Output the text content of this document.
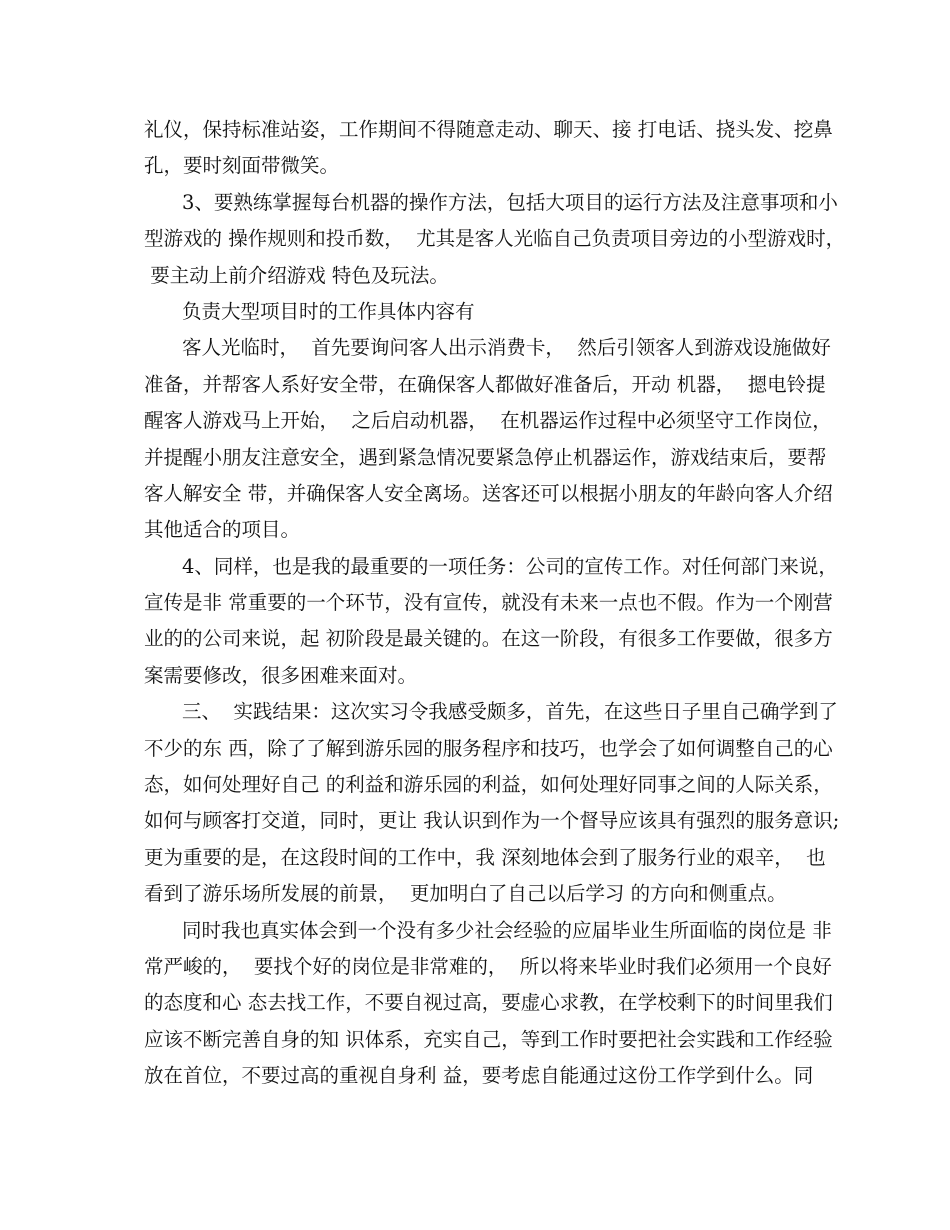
礼仪，保持标准站姿，工作期间不得随意走动、聊天、接 打电话、挠头发、挖鼻
孔，要时刻面带微笑。
3、要熟练掌握每台机器的操作方法，包括大项目的运行方法及注意事项和小
型游戏的 操作规则和投币数，  尤其是客人光临自己负责项目旁边的小型游戏时，
要主动上前介绍游戏 特色及玩法。
负责大型项目时的工作具体内容有
客人光临时，  首先要询问客人出示消费卡，  然后引领客人到游戏设施做好
准备，并帮客人系好安全带，在确保客人都做好准备后，开动 机器，  摁电铃提
醒客人游戏马上开始，  之后启动机器，  在机器运作过程中必须坚守工作岗位，
并提醒小朋友注意安全，遇到紧急情况要紧急停止机器运作，游戏结束后，要帮
客人解安全 带，并确保客人安全离场。送客还可以根据小朋友的年龄向客人介绍
其他适合的项目。
4、同样，也是我的最重要的一项任务：公司的宣传工作。对任何部门来说，
宣传是非 常重要的一个环节，没有宣传，就没有未来一点也不假。作为一个刚营
业的的公司来说，起 初阶段是最关键的。在这一阶段，有很多工作要做，很多方
案需要修改，很多困难来面对。
三、  实践结果：这次实习令我感受颇多，首先，在这些日子里自己确学到了
不少的东 西，除了了解到游乐园的服务程序和技巧，也学会了如何调整自己的心
态，如何处理好自己 的利益和游乐园的利益，如何处理好同事之间的人际关系，
如何与顾客打交道，同时，更让 我认识到作为一个督导应该具有强烈的服务意识;
更为重要的是，在这段时间的工作中，我 深刻地体会到了服务行业的艰辛，  也
看到了游乐场所发展的前景，  更加明白了自己以后学习 的方向和侧重点。
同时我也真实体会到一个没有多少社会经验的应届毕业生所面临的岗位是 非
常严峻的，  要找个好的岗位是非常难的，  所以将来毕业时我们必须用一个良好
的态度和心 态去找工作，不要自视过高，要虚心求教，在学校剩下的时间里我们
应该不断完善自身的知 识体系，充实自己，等到工作时要把社会实践和工作经验
放在首位，不要过高的重视自身利 益，要考虑自能通过这份工作学到什么。同
